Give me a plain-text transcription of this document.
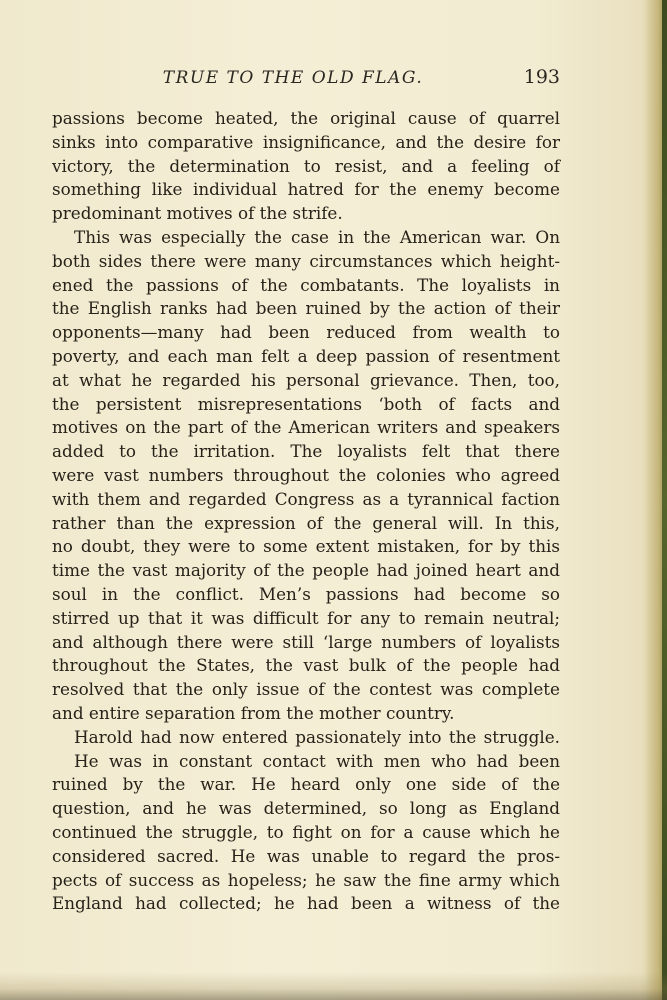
TRUE TO THE OLD FLAG.	193
passions become heated, the original cause of quarrel
sinks into comparative insignificance, and the desire for
victory, the determination to resist, and a feeling of
something like individual hatred for the enemy become
predominant motives of the strife.
This was especially the case in the American war. On
both sides there were many circumstances which height-
ened the passions of the combatants. The loyalists in
the English ranks had been ruined by the action of their
opponents—many had been reduced from wealth to
poverty, and each man felt a deep passion of resentment
at what he regarded his personal grievance. Then, too,
the persistent misrepresentations ‘both of facts and
motives on the part of the American writers and speakers
added to the irritation. The loyalists felt that there
were vast numbers throughout the colonies who agreed
with them and regarded Congress as a tyrannical faction
rather than the expression of the general will. In this,
no doubt, they were to some extent mistaken, for by this
time the vast majority of the people had joined heart and
soul in the conflict. Men’s passions had become so
stirred up that it was difficult for any to remain neutral;
and although there were still ‘large numbers of loyalists
throughout the States, the vast bulk of the people had
resolved that the only issue of the contest was complete
and entire separation from the mother country.
Harold had now entered passionately into the struggle.
He was in constant contact with men who had been
ruined by the war. He heard only one side of the
question, and he was determined, so long as England
continued the struggle, to fight on for a cause which he
considered sacred. He was unable to regard the pros-
pects of success as hopeless; he saw the fine army which
England had collected; he had been a witness of the
